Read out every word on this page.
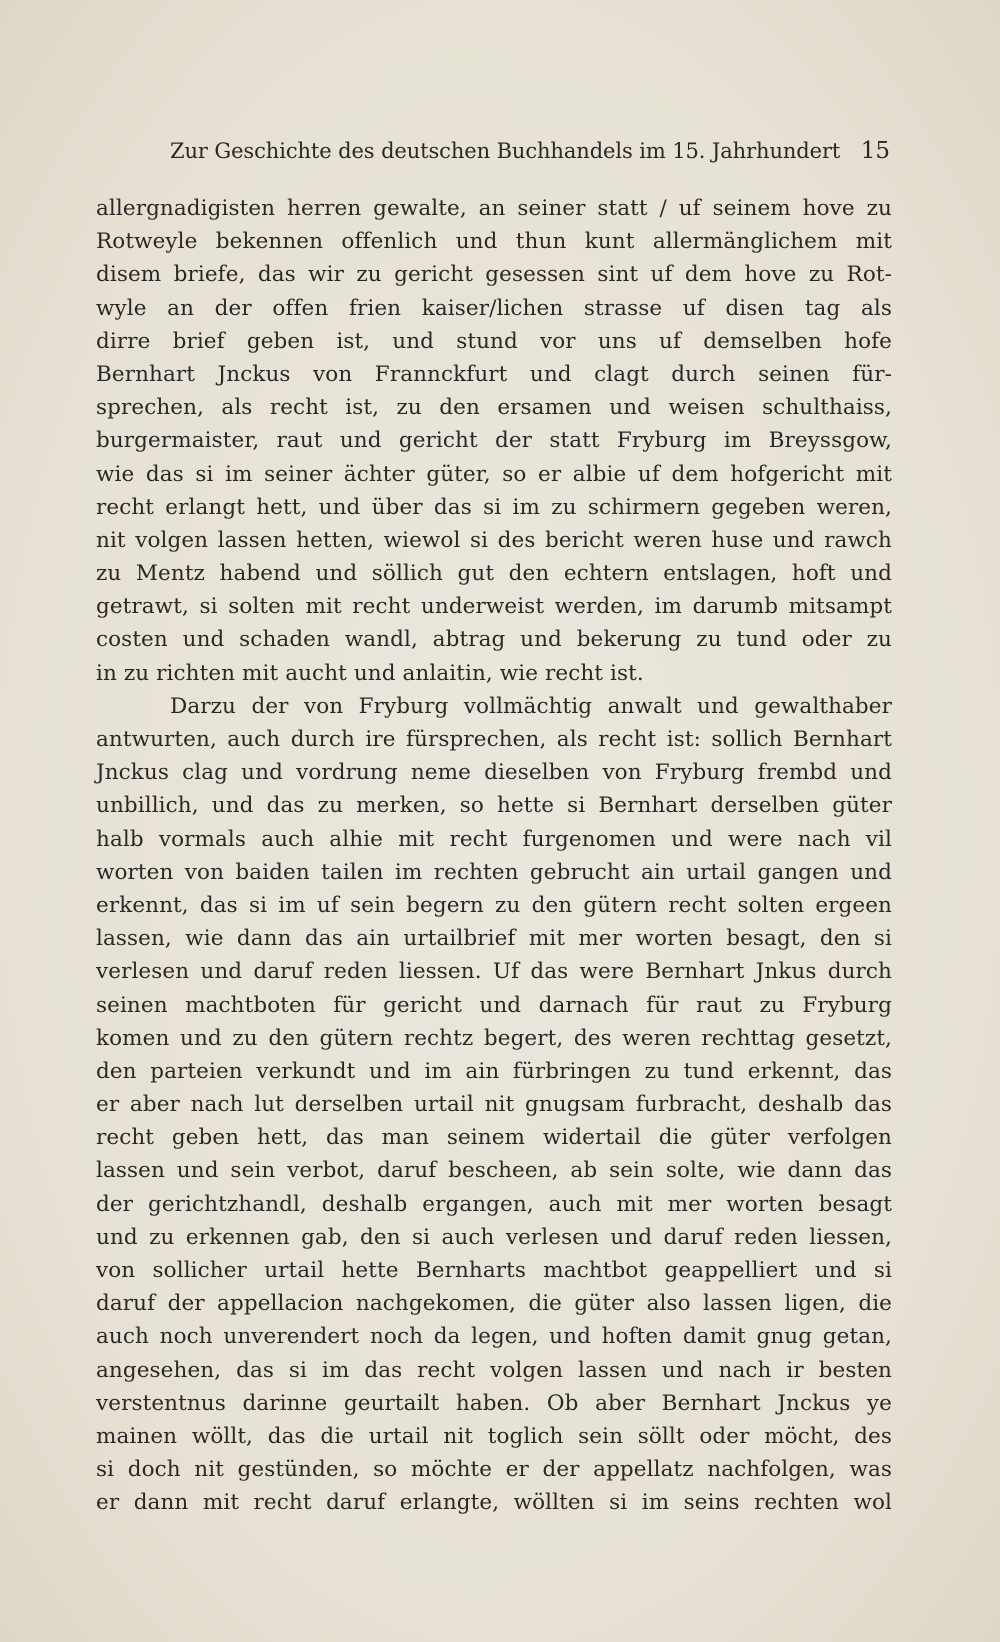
Zur Geschichte des deutschen Buchhandels im 15. Jahrhundert 15
allergnadigisten herren gewalte, an seiner statt / uf seinem hove zu
Rotweyle bekennen offenlich und thun kunt allermänglichem mit
disem briefe, das wir zu gericht gesessen sint uf dem hove zu Rot-
wyle an der offen frien kaiser/lichen strasse uf disen tag als
dirre brief geben ist, und stund vor uns uf demselben hofe
Bernhart Jnckus von Frannckfurt und clagt durch seinen für-
sprechen, als recht ist, zu den ersamen und weisen schulthaiss,
burgermaister, raut und gericht der statt Fryburg im Breyssgow,
wie das si im seiner ächter güter, so er albie uf dem hofgericht mit
recht erlangt hett, und über das si im zu schirmern gegeben weren,
nit volgen lassen hetten, wiewol si des bericht weren huse und rawch
zu Mentz habend und söllich gut den echtern entslagen, hoft und
getrawt, si solten mit recht underweist werden, im darumb mitsampt
costen und schaden wandl, abtrag und bekerung zu tund oder zu
in zu richten mit aucht und anlaitin, wie recht ist.
Darzu der von Fryburg vollmächtig anwalt und gewalthaber
antwurten, auch durch ire fürsprechen, als recht ist: sollich Bernhart
Jnckus clag und vordrung neme dieselben von Fryburg frembd und
unbillich, und das zu merken, so hette si Bernhart derselben güter
halb vormals auch alhie mit recht furgenomen und were nach vil
worten von baiden tailen im rechten gebrucht ain urtail gangen und
erkennt, das si im uf sein begern zu den gütern recht solten ergeen
lassen, wie dann das ain urtailbrief mit mer worten besagt, den si
verlesen und daruf reden liessen. Uf das were Bernhart Jnkus durch
seinen machtboten für gericht und darnach für raut zu Fryburg
komen und zu den gütern rechtz begert, des weren rechttag gesetzt,
den parteien verkundt und im ain fürbringen zu tund erkennt, das
er aber nach lut derselben urtail nit gnugsam furbracht, deshalb das
recht geben hett, das man seinem widertail die güter verfolgen
lassen und sein verbot, daruf bescheen, ab sein solte, wie dann das
der gerichtzhandl, deshalb ergangen, auch mit mer worten besagt
und zu erkennen gab, den si auch verlesen und daruf reden liessen,
von sollicher urtail hette Bernharts machtbot geappelliert und si
daruf der appellacion nachgekomen, die güter also lassen ligen, die
auch noch unverendert noch da legen, und hoften damit gnug getan,
angesehen, das si im das recht volgen lassen und nach ir besten
verstentnus darinne geurtailt haben. Ob aber Bernhart Jnckus ye
mainen wöllt, das die urtail nit toglich sein söllt oder möcht, des
si doch nit gestünden, so möchte er der appellatz nachfolgen, was
er dann mit recht daruf erlangte, wöllten si im seins rechten wol
